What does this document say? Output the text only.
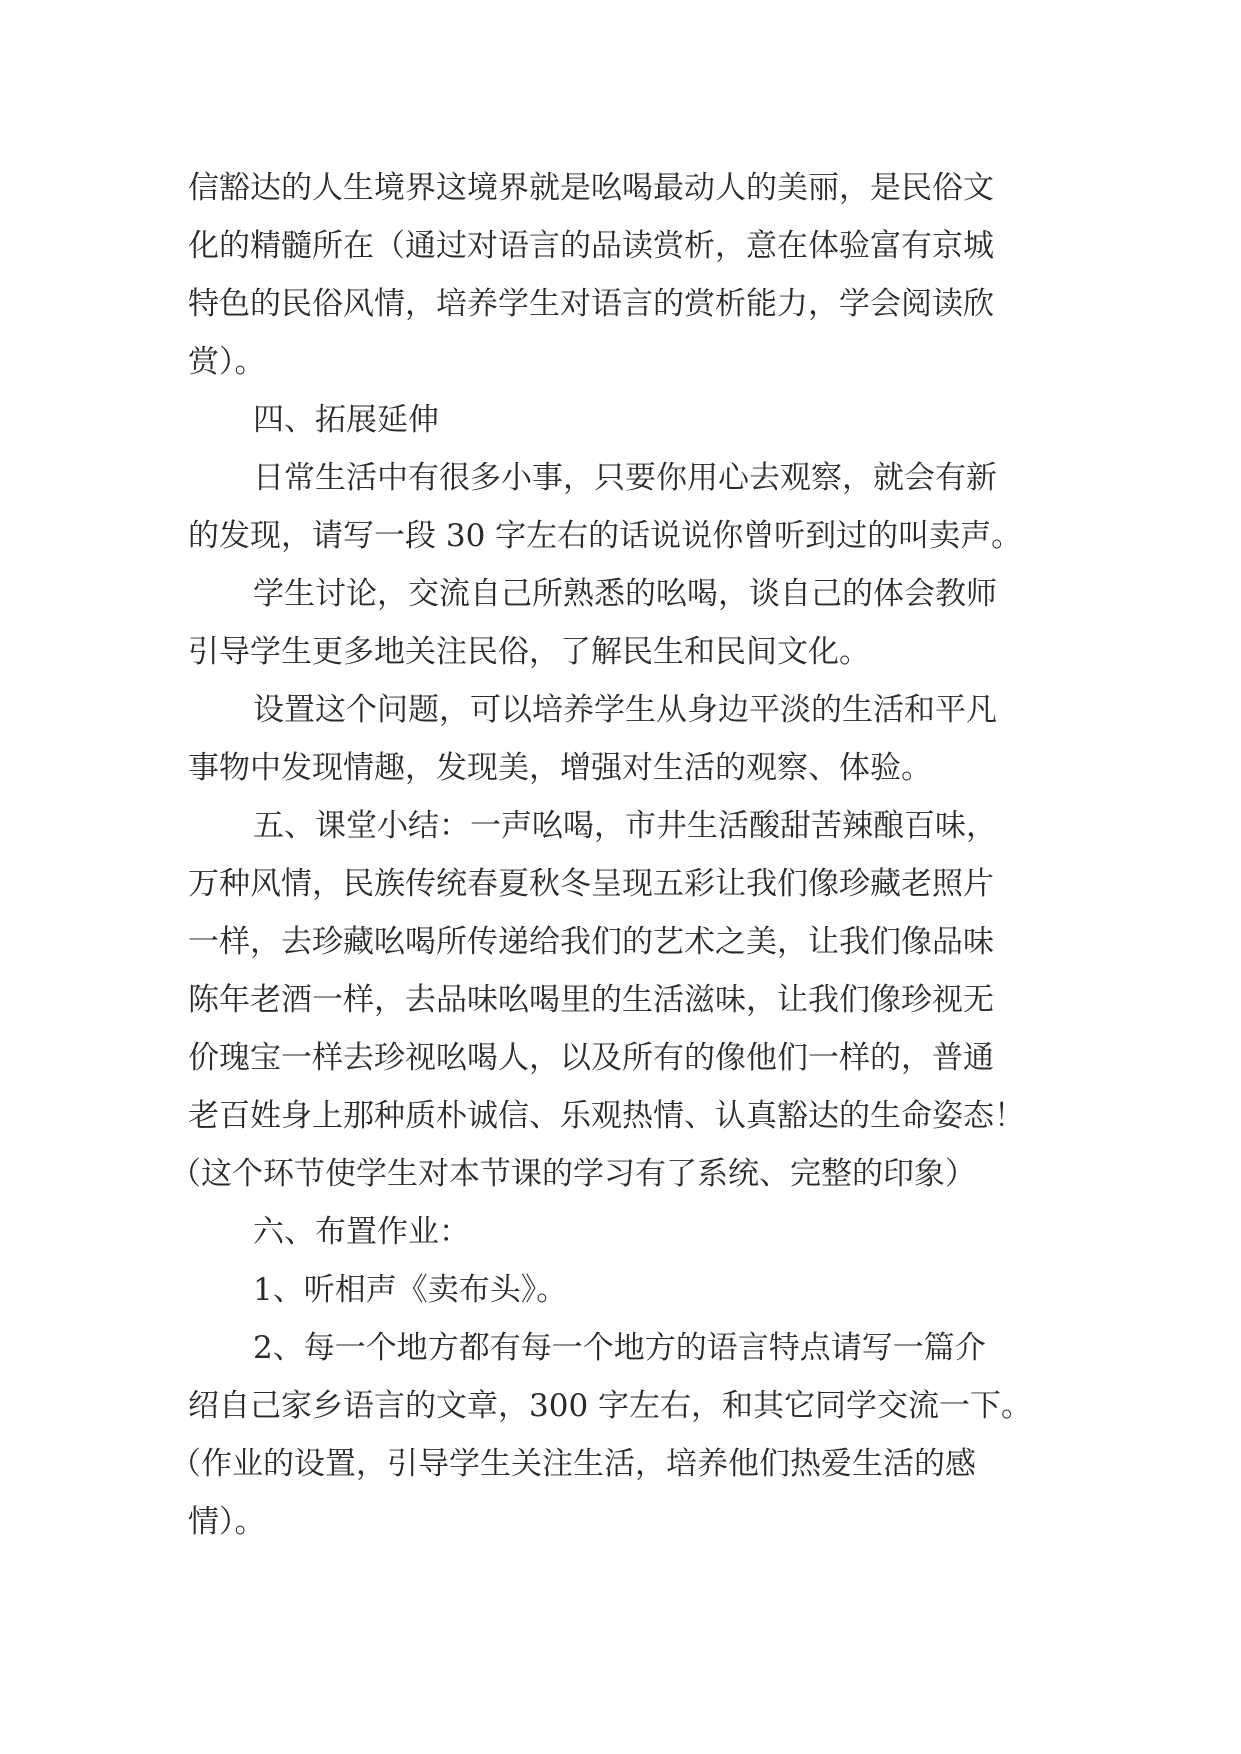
信豁达的人生境界这境界就是吆喝最动人的美丽，是民俗文
化的精髓所在（通过对语言的品读赏析，意在体验富有京城
特色的民俗风情，培养学生对语言的赏析能力，学会阅读欣
赏）。
四、拓展延伸
日常生活中有很多小事，只要你用心去观察，就会有新
的发现，请写一段 30 字左右的话说说你曾听到过的叫卖声。
学生讨论，交流自己所熟悉的吆喝，谈自己的体会教师
引导学生更多地关注民俗，了解民生和民间文化。
设置这个问题，可以培养学生从身边平淡的生活和平凡
事物中发现情趣，发现美，增强对生活的观察、体验。
五、课堂小结：一声吆喝，市井生活酸甜苦辣酿百味，
万种风情，民族传统春夏秋冬呈现五彩让我们像珍藏老照片
一样，去珍藏吆喝所传递给我们的艺术之美，让我们像品味
陈年老酒一样，去品味吆喝里的生活滋味，让我们像珍视无
价瑰宝一样去珍视吆喝人，以及所有的像他们一样的，普通
老百姓身上那种质朴诚信、乐观热情、认真豁达的生命姿态！
（这个环节使学生对本节课的学习有了系统、完整的印象）
六、布置作业：
1、听相声《卖布头》。
2、每一个地方都有每一个地方的语言特点请写一篇介
绍自己家乡语言的文章，300 字左右，和其它同学交流一下。
（作业的设置，引导学生关注生活，培养他们热爱生活的感
情）。
